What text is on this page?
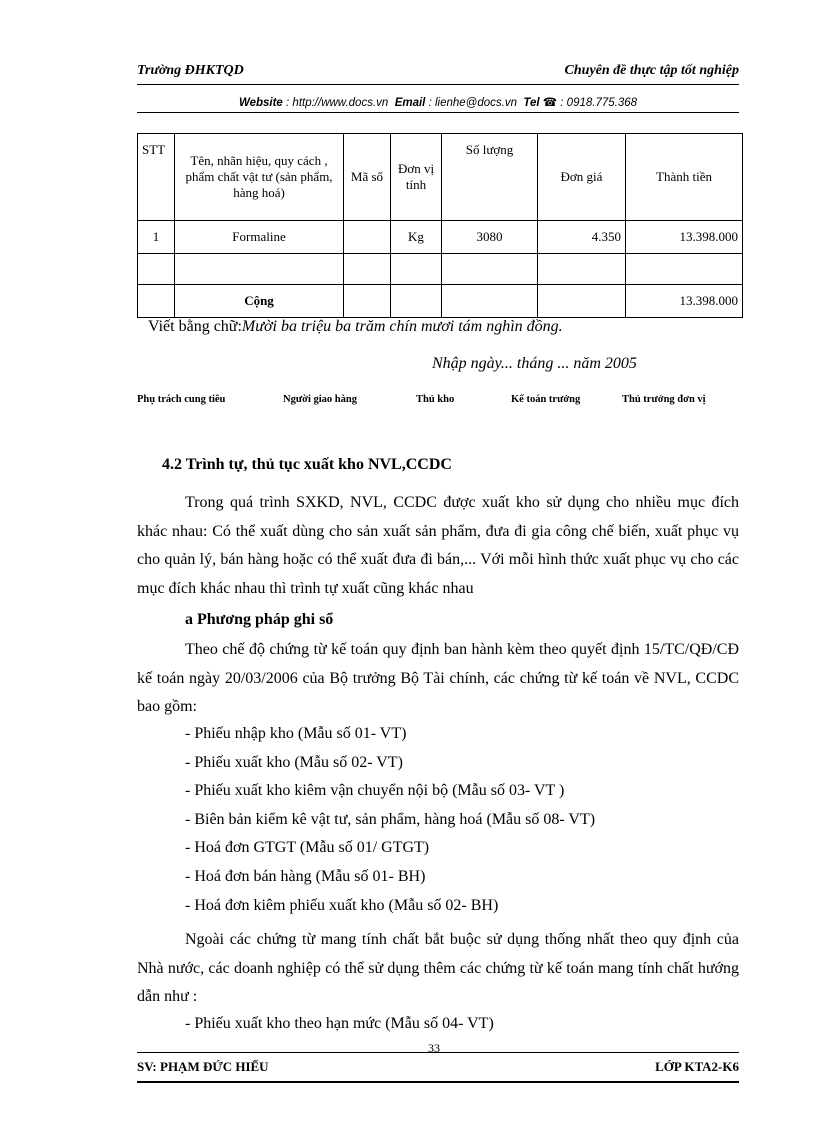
Trường ĐHKTQD	Chuyên đề thực tập tốt nghiệp
Website : http://www.docs.vn Email : lienhe@docs.vn Tel ☎ : 0918.775.368
STT	Tên, nhãn hiệu, quy cách , phẩm chất vật tư (sản phẩm, hàng hoá)	Mã số	Đơn vị tính	Số lượng	Đơn giá	Thành tiền
1	Formaline		Kg	3080	4.350	13.398.000

	Cộng					13.398.000
Viết bằng chữ:Mười ba triệu ba trăm chín mươi tám nghìn đồng.
Nhập ngày... tháng ... năm 2005
Phụ trách cung tiêu	Người giao hàng	Thủ kho	Kế toán trưởng	Thủ trưởng đơn vị
4.2 Trình tự, thủ tục xuất kho NVL,CCDC
Trong quá trình SXKD, NVL, CCDC được xuất kho sử dụng cho nhiều mục đích khác nhau: Có thể xuất dùng cho sản xuất sản phẩm, đưa đi gia công chế biến, xuất phục vụ cho quản lý, bán hàng hoặc có thể xuất đưa đi bán,... Với mỗi hình thức xuất phục vụ cho các mục đích khác nhau thì trình tự xuất cũng khác nhau
a Phương pháp ghi sổ
Theo chế độ chứng từ kế toán quy định ban hành kèm theo quyết định 15/TC/QĐ/CĐ kế toán ngày 20/03/2006 của Bộ trưởng Bộ Tài chính, các chứng từ kế toán về NVL, CCDC bao gồm:
- Phiếu nhập kho (Mẫu số 01- VT)
- Phiếu xuất kho (Mẫu số 02- VT)
- Phiếu xuất kho kiêm vận chuyển nội bộ (Mẫu số 03- VT )
- Biên bản kiểm kê vật tư, sản phẩm, hàng hoá (Mẫu số 08- VT)
- Hoá đơn GTGT (Mẫu số 01/ GTGT)
- Hoá đơn bán hàng (Mẫu số 01- BH)
- Hoá đơn kiêm phiếu xuất kho (Mẫu số 02- BH)
Ngoài các chứng từ mang tính chất bắt buộc sử dụng thống nhất theo quy định của Nhà nước, các doanh nghiệp có thể sử dụng thêm các chứng từ kế toán mang tính chất hướng dẫn như :
- Phiếu xuất kho theo hạn mức (Mẫu số 04- VT)
33
SV: PHẠM ĐỨC HIẾU	LỚP KTA2-K6
